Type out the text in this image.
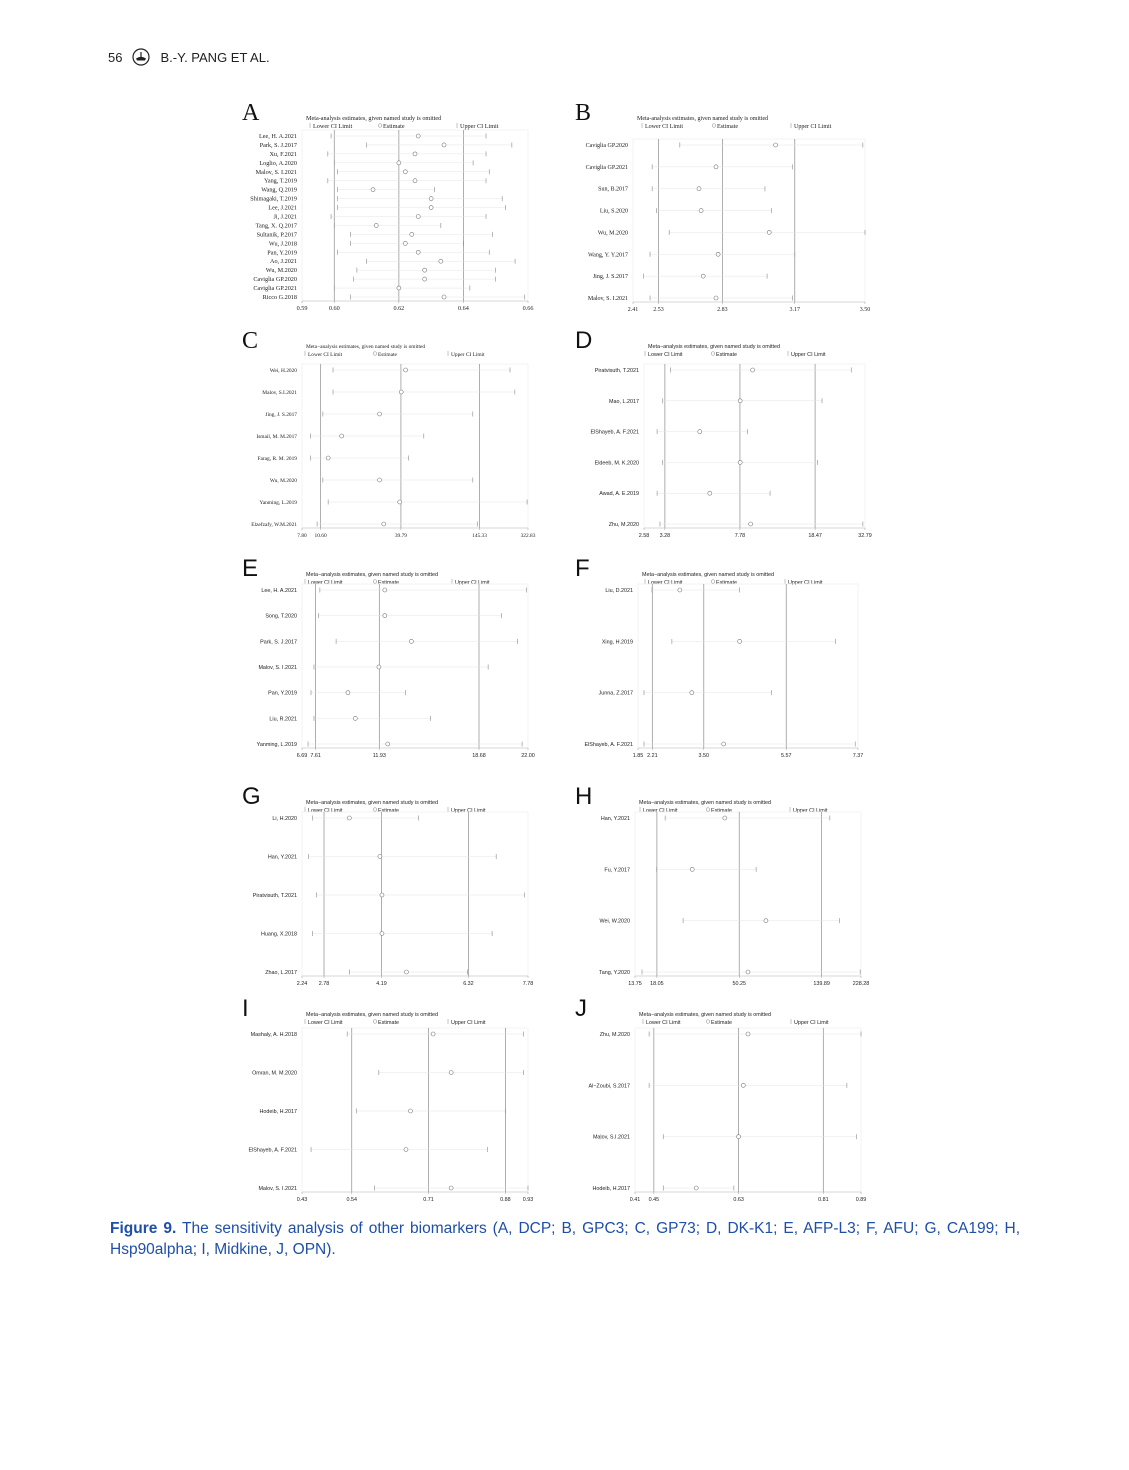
56	B.-Y. PANG ET AL.
A	Meta-analysis estimates, given named study is omitted
Lower CI Limit	Estimate	Upper CI Limit
Lee, H. A.2021
Park, S. J.2017
Xu, F.2021
Loglio, A.2020
Malov, S. I.2021
Yang, T.2019
Wang, Q.2019
Shimagaki, T.2019
Lee, J.2021
Ji, J.2021
Tang, X. Q.2017
Sultanik, P.2017
Wu, J.2018
Pan, Y.2019
Ao, J.2021
Wu, M.2020
Caviglia GP.2020
Caviglia GP.2021
Ricco G.2018
0.59	0.60	0.62	0.64	0.66
B	Meta-analysis estimates, given named study is omitted
Lower CI Limit	Estimate	Upper CI Limit
Caviglia GP.2020
Caviglia GP.2021
Sun, B.2017
Liu, S.2020
Wu, M.2020
Wang, Y. Y.2017
Jing, J. S.2017
Malov, S. I.2021
2.41	2.53	2.83	3.17	3.50
C	Meta−analysis estimates, given named study is omitted
Lower CI Limit	Estimate	Upper CI Limit
Wei, H.2020
Malov, S.I.2021
Jing, J. S.2017
Ismail, M. M.2017
Farag, R. M. 2019
Wu, M.2020
Yanming, L.2019
Elzefzafy, W.M.2021
7.80 10.60	39.79	145.33	322.83
D	Meta−analysis estimates, given named study is omitted
Lower CI Limit	Estimate	Upper CI Limit
Piratvisuth, T.2021
Mao, L.2017
ElShayeb, A. F.2021
Eldeeb, M. K.2020
Awad, A. E.2019
Zhu, M.2020
2.58 3.28	7.78	18.47	32.79
E	Meta−analysis estimates, given named study is omitted
Lower CI Limit	Estimate	Upper CI Limit
Lee, H. A.2021
Song, T.2020
Park, S. J.2017
Malov, S. I.2021
Pan, Y.2019
Liu, R.2021
Yanming, L.2019
6.69 7.61	11.93	18.68	22.00
F	Meta−analysis estimates, given named study is omitted
Lower CI Limit	Estimate	Upper CI Limit
Liu, D.2021
Xing, H.2019
Junna, Z.2017
ElShayeb, A. F.2021
1.85 2.21	3.50	5.57	7.37
G	Meta−analysis estimates, given named study is omitted
Lower CI Limit	Estimate	Upper CI Limit
Li, H.2020
Han, Y.2021
Piratvisuth, T.2021
Huang, X.2018
Zhao, L.2017
2.24 2.78	4.19	6.32	7.78
H	Meta−analysis estimates, given named study is omitted
Lower CI Limit	Estimate	Upper CI Limit
Han, Y.2021
Fu, Y.2017
Wei, W.2020
Tang, Y.2020
13.75 18.05	50.25	139.89	228.28
I	Meta−analysis estimates, given named study is omitted
Lower CI Limit	Estimate	Upper CI Limit
Mashaly, A. H.2018
Omran, M. M.2020
Hodeib, H.2017
ElShayeb, A. F.2021
Malov, S. I.2021
0.43	0.54	0.71	0.88 0.93
J	Meta−analysis estimates, given named study is omitted
Lower CI Limit	Estimate	Upper CI Limit
Zhu, M.2020
Al−Zoubi, S.2017
Malov, S.I.2021
Hodeib, H.2017
0.41 0.45	0.63	0.81	0.89
Figure 9. The sensitivity analysis of other biomarkers (A, DCP; B, GPC3; C, GP73; D, DK-K1; E, AFP-L3; F, AFU; G, CA199; H, Hsp90alpha; I, Midkine, J, OPN).
